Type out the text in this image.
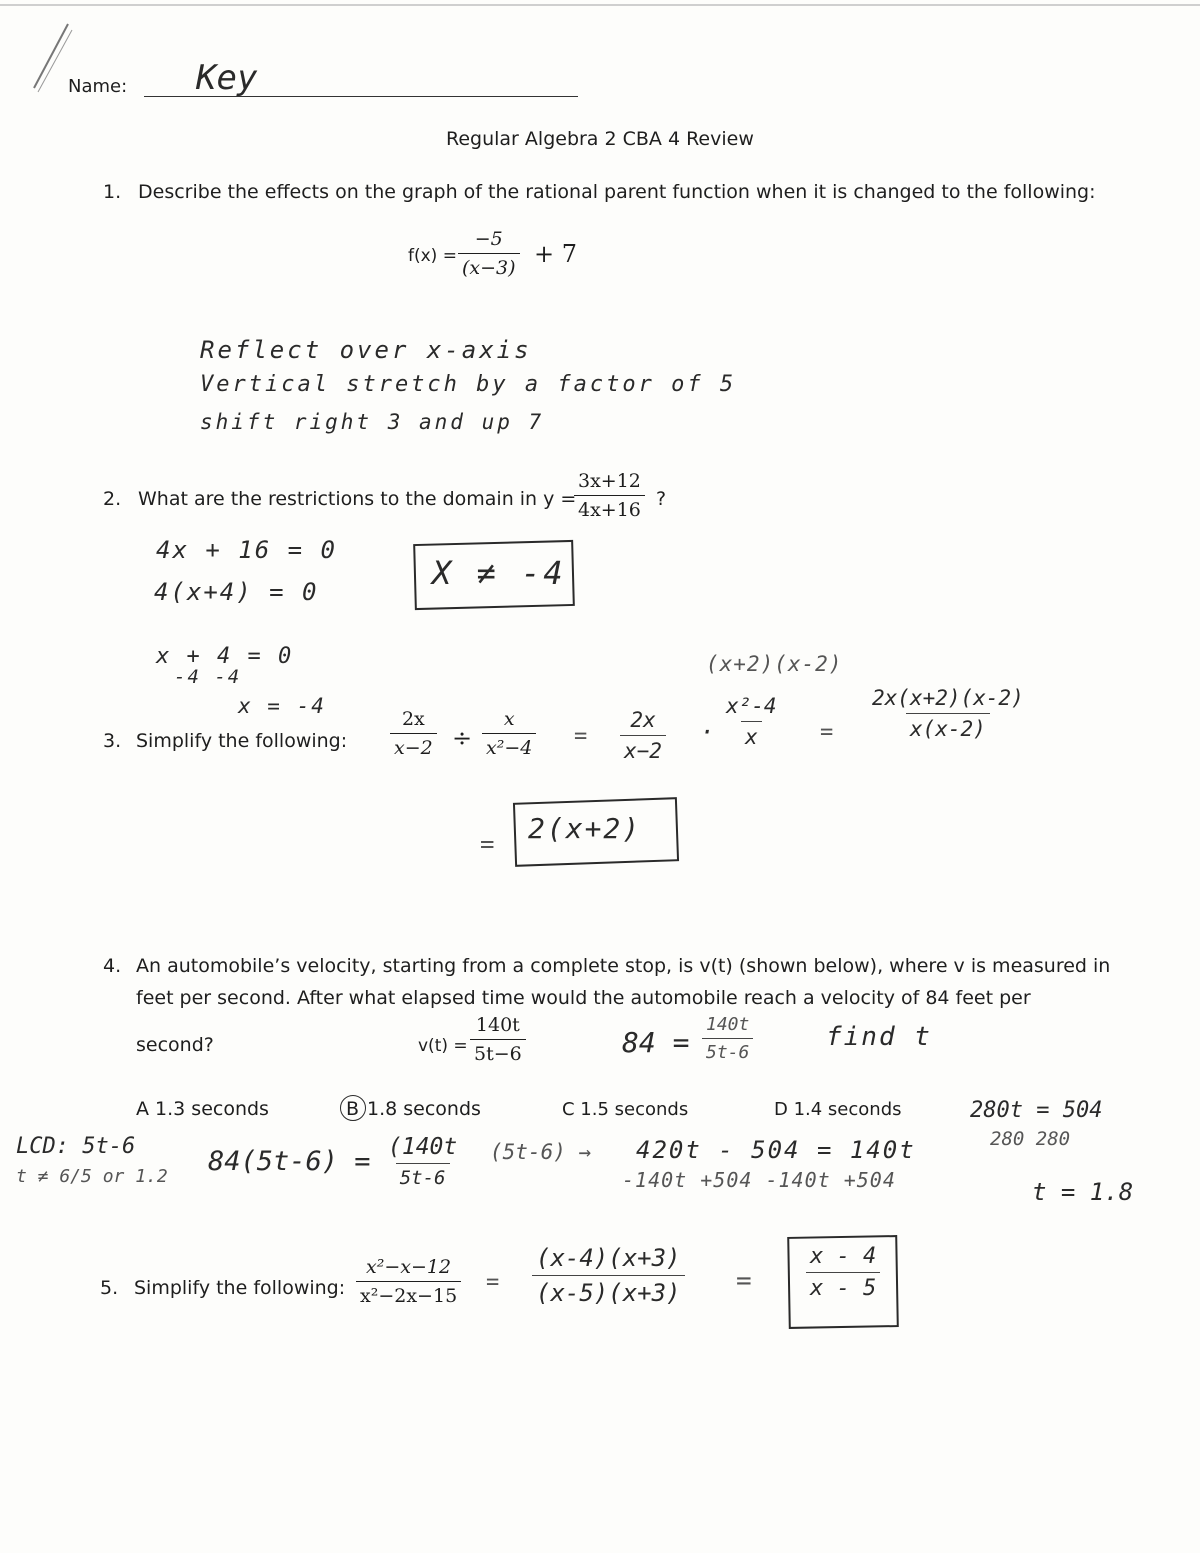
Name: Key
Regular Algebra 2 CBA 4 Review
1. Describe the effects on the graph of the rational parent function when it is changed to the following:
$f(x) = \frac{-5}{(x-3)} + 7$
Reflect over x-axis
Vertical stretch by a factor of 5
shift right 3 and up 7
2. What are the restrictions to the domain in y =
$\frac{3x+12}{4x+16}$ ?
4x + 16 = 0
4(x+4) = 0
x + 4 = 0
-4 -4
x = -4
X ≠ -4
3. Simplify the following: $\frac{2x}{x-2} \div \frac{x}{\text{x²−4}} = \frac{2x}{x-2}$ ·
(x+2)(x-2)
$\frac{\text{x²-4}}{x} = \frac{2x(x+2)(x-2)}{x(x-2)}$
= 2(x+2)
4. An automobile’s velocity, starting from a complete stop, is v(t) (shown below), where v is measured in
feet per second. After what elapsed time would the automobile reach a velocity of 84 feet per
second?	$v(t) = \frac{140t}{5t-6}$	$84 = \frac{140t}{5t-6}$	find t
A 1.3 seconds	B 1.8 seconds	C 1.5 seconds	D 1.4 seconds
LCD: 5t-6
t ≠ 6/5 or 1.2 84(5t-6) = (140t
5t-6
(5t-6) → 420t - 504 = 140t
-140t +504 -140t +504
280t = 504
280 280
t = 1.8
5. Simplify the following: $\frac{\text{x²−x−12}}{\text{x²−2x−15}} = \frac{(x-4)(x+3)}{(x-5)(x+3)} = \frac{x - 4}{x - 5}$
